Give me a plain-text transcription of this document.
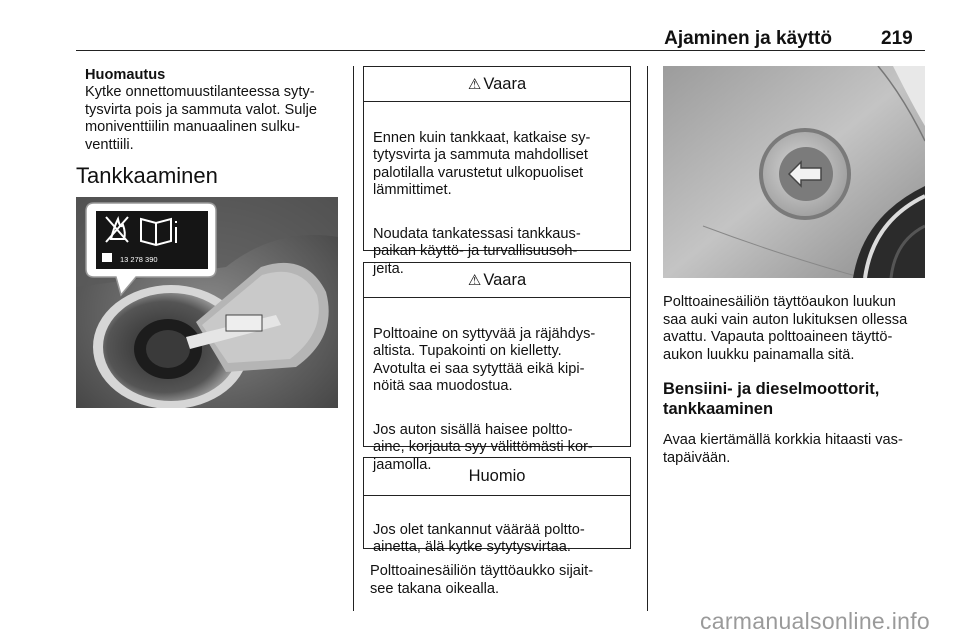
Ajaminen ja käyttö	219
Huomautus
Kytke onnettomuustilanteessa syty-
tysvirta pois ja sammuta valot. Sulje
moniventtiilin manuaalinen sulku-
venttiili.
Tankkaaminen
13 278 390
⚠ Vaara

Ennen kuin tankkaat, katkaise sy-
tytysvirta ja sammuta mahdolliset
palotilalla varustetut ulkopuoliset
lämmittimet.

Noudata tankatessasi tankkaus-
paikan käyttö- ja turvallisuusoh-
jeita.

⚠ Vaara

Polttoaine on syttyvää ja räjähdys-
altista. Tupakointi on kielletty.
Avotulta ei saa sytyttää eikä kipi-
nöitä saa muodostua.

Jos auton sisällä haisee poltto-
aine, korjauta syy välittömästi kor-
jaamolla.

Huomio

Jos olet tankannut väärää poltto-
ainetta, älä kytke sytytysvirtaa.

Polttoainesäiliön täyttöaukko sijait-
see takana oikealla.
Polttoainesäiliön täyttöaukon luukun
saa auki vain auton lukituksen ollessa
avattu. Vapauta polttoaineen täyttö-
aukon luukku painamalla sitä.
Bensiini- ja dieselmoottorit,
tankkaaminen
Avaa kiertämällä korkkia hitaasti vas-
tapäivään.
carmanualsonline.info
